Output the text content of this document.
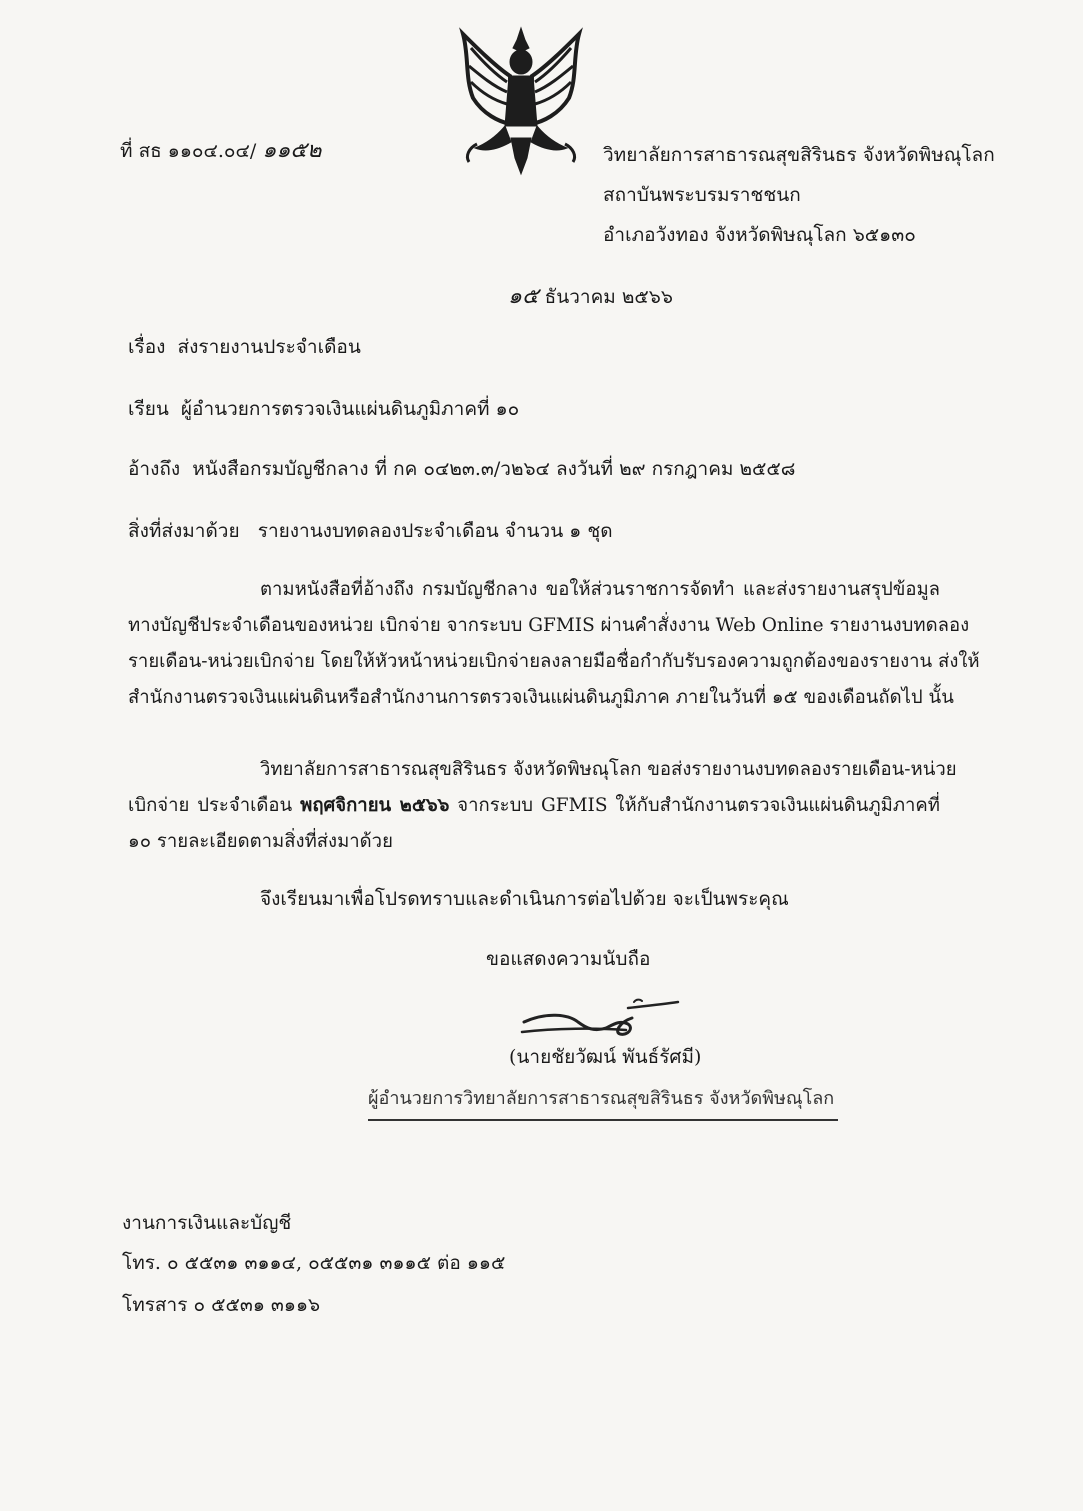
ที่ สธ ๑๑๐๔.๐๔/ ๑๑๕๒	วิทยาลัยการสาธารณสุขสิรินธร จังหวัดพิษณุโลก
สถาบันพระบรมราชชนก
อำเภอวังทอง จังหวัดพิษณุโลก ๖๕๑๓๐
๑๕ ธันวาคม ๒๕๖๖
เรื่อง ส่งรายงานประจำเดือน
เรียน ผู้อำนวยการตรวจเงินแผ่นดินภูมิภาคที่ ๑๐
อ้างถึง หนังสือกรมบัญชีกลาง ที่ กค ๐๔๒๓.๓/ว๒๖๔ ลงวันที่ ๒๙ กรกฎาคม ๒๕๕๘
สิ่งที่ส่งมาด้วย รายงานงบทดลองประจำเดือน จำนวน ๑ ชุด
ตามหนังสือที่อ้างถึง กรมบัญชีกลาง ขอให้ส่วนราชการจัดทำ และส่งรายงานสรุปข้อมูล
ทางบัญชีประจำเดือนของหน่วย เบิกจ่าย จากระบบ GFMIS ผ่านคำสั่งงาน Web Online รายงานงบทดลอง
รายเดือน-หน่วยเบิกจ่าย โดยให้หัวหน้าหน่วยเบิกจ่ายลงลายมือชื่อกำกับรับรองความถูกต้องของรายงาน ส่งให้
สำนักงานตรวจเงินแผ่นดินหรือสำนักงานการตรวจเงินแผ่นดินภูมิภาค ภายในวันที่ ๑๕ ของเดือนถัดไป นั้น
วิทยาลัยการสาธารณสุขสิรินธร จังหวัดพิษณุโลก ขอส่งรายงานงบทดลองรายเดือน-หน่วย
เบิกจ่าย ประจำเดือน พฤศจิกายน ๒๕๖๖ จากระบบ GFMIS ให้กับสำนักงานตรวจเงินแผ่นดินภูมิภาคที่
๑๐ รายละเอียดตามสิ่งที่ส่งมาด้วย
จึงเรียนมาเพื่อโปรดทราบและดำเนินการต่อไปด้วย จะเป็นพระคุณ
ขอแสดงความนับถือ
(นายชัยวัฒน์ พันธ์รัศมี)
ผู้อำนวยการวิทยาลัยการสาธารณสุขสิรินธร จังหวัดพิษณุโลก
งานการเงินและบัญชี
โทร. ๐ ๕๕๓๑ ๓๑๑๔, ๐๕๕๓๑ ๓๑๑๕ ต่อ ๑๑๕
โทรสาร ๐ ๕๕๓๑ ๓๑๑๖
